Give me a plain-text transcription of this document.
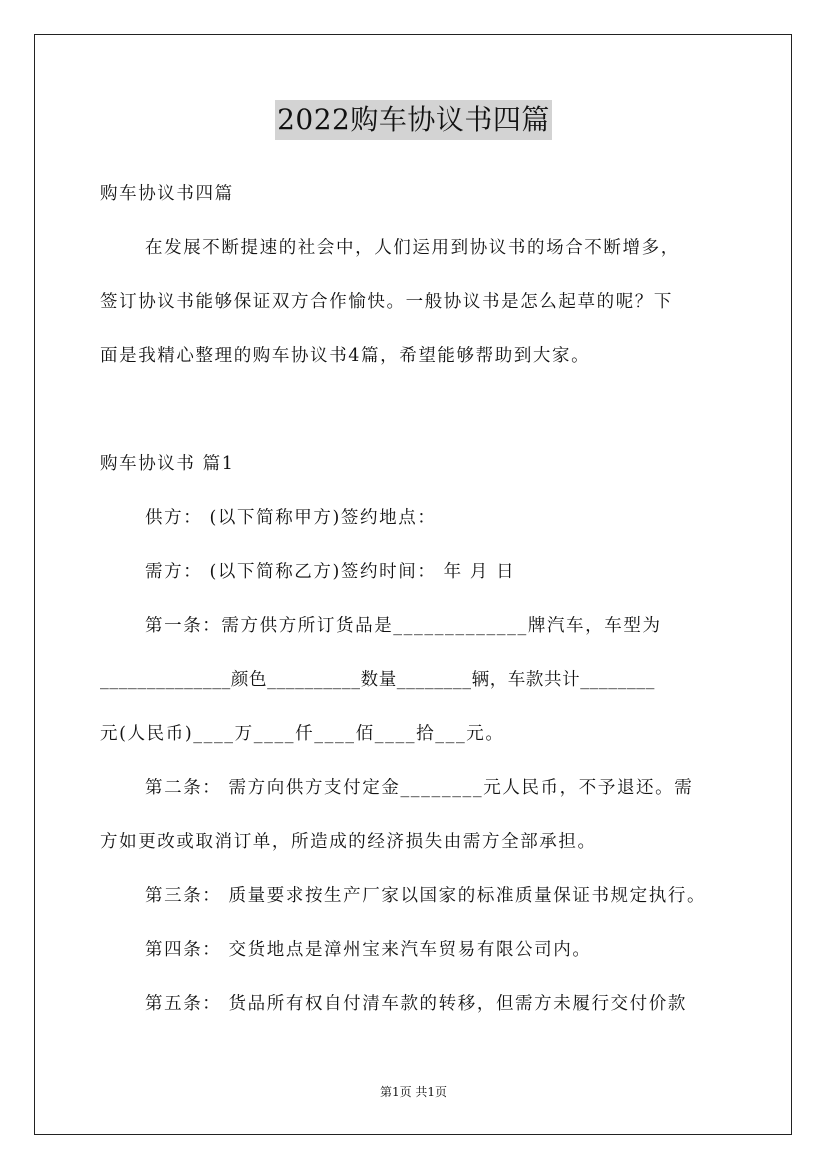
2022购车协议书四篇
购车协议书四篇
在发展不断提速的社会中，人们运用到协议书的场合不断增多，
签订协议书能够保证双方合作愉快。一般协议书是怎么起草的呢？下
面是我精心整理的购车协议书4篇，希望能够帮助到大家。
购车协议书 篇1
供方： (以下简称甲方)签约地点：
需方： (以下简称乙方)签约时间： 年 月 日
第一条：需方供方所订货品是_____________牌汽车，车型为
______________颜色__________数量________辆，车款共计________
元(人民币)____万____仟____佰____拾___元。
第二条： 需方向供方支付定金________元人民币，不予退还。需
方如更改或取消订单，所造成的经济损失由需方全部承担。
第三条： 质量要求按生产厂家以国家的标准质量保证书规定执行。
第四条： 交货地点是漳州宝来汽车贸易有限公司内。
第五条： 货品所有权自付清车款的转移，但需方未履行交付价款
第1页 共1页
